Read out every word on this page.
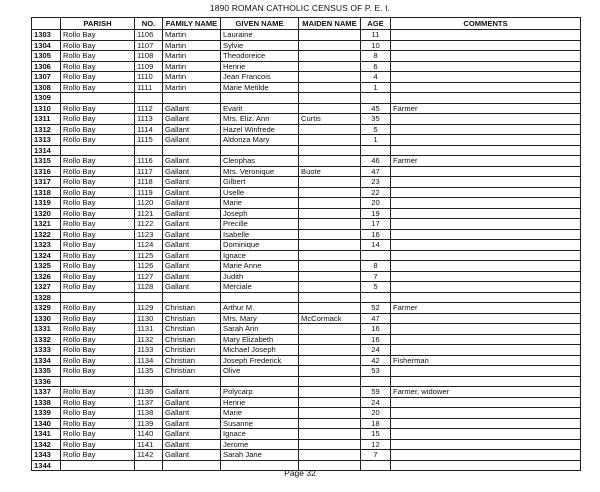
1890 ROMAN CATHOLIC CENSUS OF P. E. I.
	PARISH	NO.	FAMILY NAME	GIVEN NAME	MAIDEN NAME	AGE	COMMENTS
1303	Rollo Bay	1106	Martin	Lauraine		11	
1304	Rollo Bay	1107	Martin	Sylvie		10	
1305	Rollo Bay	1108	Martin	Theodoreice		8	
1306	Rollo Bay	1109	Martin	Henrie		6	
1307	Rollo Bay	1110	Martin	Jean Francois		4	
1308	Rollo Bay	1111	Martin	Marie Metilde		1	
1309							
1310	Rollo Bay	1112	Gallant	Evarit		45	Farmer
1311	Rollo Bay	1113	Gallant	Mrs. Eliz. Ann	Curtis	35	
1312	Rollo Bay	1114	Gallant	Hazel Winfrede		5	
1313	Rollo Bay	1115	Gallant	Aldonza Mary		1	
1314							
1315	Rollo Bay	1116	Gallant	Cleophas		46	Farmer
1316	Rollo Bay	1117	Gallant	Mrs. Veronique	Buote	47	
1317	Rollo Bay	1118	Gallant	Gilbert		23	
1318	Rollo Bay	1119	Gallant	Uselle		22	
1319	Rollo Bay	1120	Gallant	Marie		20	
1320	Rollo Bay	1121	Gallant	Joseph		19	
1321	Rollo Bay	1122	Gallant	Precille		17	
1322	Rollo Bay	1123	Gallant	Isabelle		16	
1323	Rollo Bay	1124	Gallant	Dominique		14	
1324	Rollo Bay	1125	Gallant	Ignace			
1325	Rollo Bay	1126	Gallant	Marie Anne		8	
1326	Rollo Bay	1127	Gallant	Judith		7	
1327	Rollo Bay	1128	Gallant	Merciale		5	
1328							
1329	Rollo Bay	1129	Christian	Arthur M.		52	Farmer
1330	Rollo Bay	1130	Christian	Mrs. Mary	McCormack	47	
1331	Rollo Bay	1131	Christian	Sarah Ann		16	
1332	Rollo Bay	1132	Christian	Mary Elizabeth		16	
1333	Rollo Bay	1133	Christian	Michael Joseph		24	
1334	Rollo Bay	1134	Christian	Joseph Frederick		42	Fisherman
1335	Rollo Bay	1135	Christian	Olive		53	
1336							
1337	Rollo Bay	1136	Gallant	Polycarp		59	Farmer, widower
1338	Rollo Bay	1137	Gallant	Henrie		24	
1339	Rollo Bay	1138	Gallant	Marie		20	
1340	Rollo Bay	1139	Gallant	Susanne		18	
1341	Rollo Bay	1140	Gallant	Ignace		15	
1342	Rollo Bay	1141	Gallant	Jerome		12	
1343	Rollo Bay	1142	Gallant	Sarah Jane		7	
1344							
Page 32
